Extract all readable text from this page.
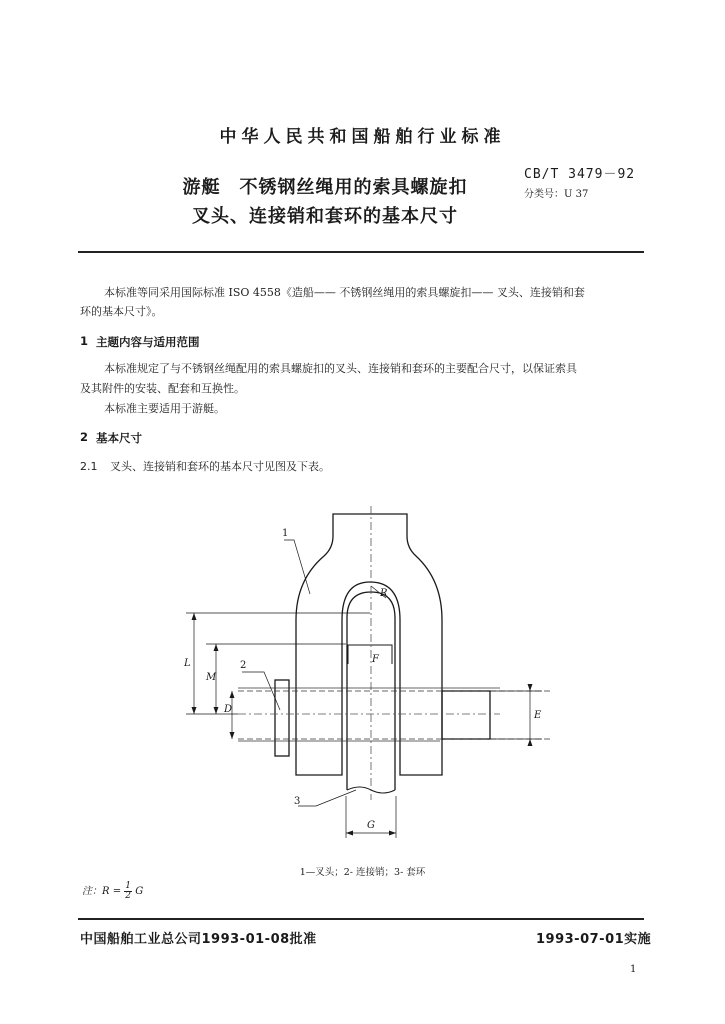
中华人民共和国船舶行业标准
游艇　不锈钢丝绳用的索具螺旋扣
叉头、连接销和套环的基本尺寸
CB/T 3479－92
分类号：U 37
本标准等同采用国际标准 ISO 4558《造船—— 不锈钢丝绳用的索具螺旋扣—— 叉头、连接销和套
环的基本尺寸》。
1 主题内容与适用范围
本标准规定了与不锈钢丝绳配用的索具螺旋扣的叉头、连接销和套环的主要配合尺寸，以保证索具
及其附件的安装、配套和互换性。
本标准主要适用于游艇。
2 基本尺寸
2.1 叉头、连接销和套环的基本尺寸见图及下表。
1
2
3
R
F
L
M
D
E
G
1—叉头；2- 连接销；3- 套环
注：$R = \frac{1}{2}$ G
中国船舶工业总公司1993-01-08批准	1993-07-01实施
1
